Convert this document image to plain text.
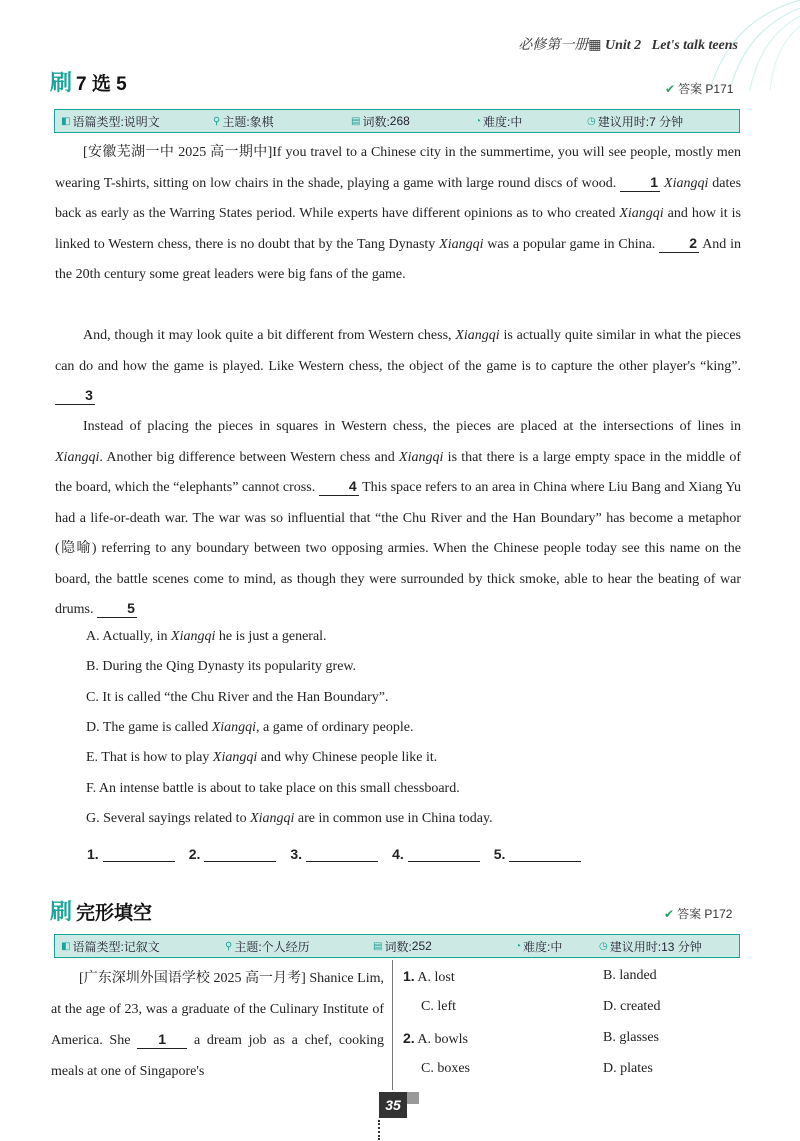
必修第一册▦ Unit 2 Let's talk teens
刷 7 选 5	✔ 答案 P171
◧ 语篇类型: 说明文	⚲ 主题: 象棋	▤ 词数: 268	◔ 难度: 中	◷ 建议用时: 7 分钟
[安徽芜湖一中 2025 高一期中]If you travel to a Chinese city in the summertime, you will see people, mostly men wearing T-shirts, sitting on low chairs in the shade, playing a game with large round discs of wood. 1 Xiangqi dates back as early as the Warring States period. While experts have different opinions as to who created Xiangqi and how it is linked to Western chess, there is no doubt that by the Tang Dynasty Xiangqi was a popular game in China. 2 And in the 20th century some great leaders were big fans of the game.
And, though it may look quite a bit different from Western chess, Xiangqi is actually quite similar in what the pieces can do and how the game is played. Like Western chess, the object of the game is to capture the other player's “king”. 3
Instead of placing the pieces in squares in Western chess, the pieces are placed at the intersections of lines in Xiangqi. Another big difference between Western chess and Xiangqi is that there is a large empty space in the middle of the board, which the “elephants” cannot cross. 4 This space refers to an area in China where Liu Bang and Xiang Yu had a life-or-death war. The war was so influential that “the Chu River and the Han Boundary” has become a metaphor (隐喻) referring to any boundary between two opposing armies. When the Chinese people today see this name on the board, the battle scenes come to mind, as though they were surrounded by thick smoke, able to hear the beating of war drums. 5
A. Actually, in Xiangqi he is just a general.
B. During the Qing Dynasty its popularity grew.
C. It is called “the Chu River and the Han Boundary”.
D. The game is called Xiangqi, a game of ordinary people.
E. That is how to play Xiangqi and why Chinese people like it.
F. An intense battle is about to take place on this small chessboard.
G. Several sayings related to Xiangqi are in common use in China today.
1.	2.	3.	4.	5.
刷 完形填空	✔ 答案 P172
◧ 语篇类型: 记叙文	⚲ 主题: 个人经历	▤ 词数: 252	◔ 难度: 中	◷ 建议用时: 13 分钟
[广东深圳外国语学校 2025 高一月考] Shanice Lim, at the age of 23, was a graduate of the Culinary Institute of America. She 1 a dream job as a chef, cooking meals at one of Singapore's
1. A. lost	B. landed
C. left	D. created
2. A. bowls	B. glasses
C. boxes	D. plates
35
